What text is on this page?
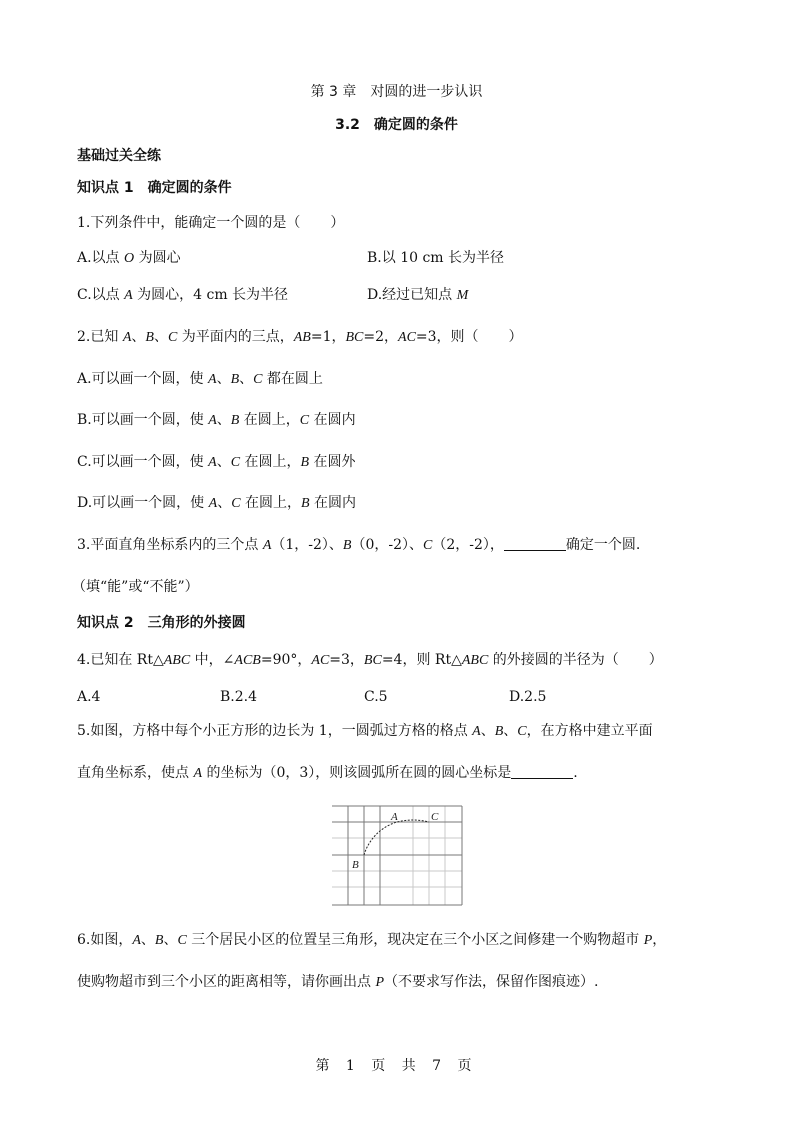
第 3 章　对圆的进一步认识
3.2　确定圆的条件
基础过关全练
知识点 1　确定圆的条件
1.下列条件中，能确定一个圆的是（ ）
A.以点 O 为圆心	B.以 10 cm 长为半径
C.以点 A 为圆心，4 cm 长为半径	D.经过已知点 M
2.已知 A、B、C 为平面内的三点，AB=1，BC=2，AC=3，则（ ）
A.可以画一个圆，使 A、B、C 都在圆上
B.可以画一个圆，使 A、B 在圆上，C 在圆内
C.可以画一个圆，使 A、C 在圆上，B 在圆外
D.可以画一个圆，使 A、C 在圆上，B 在圆内
3.平面直角坐标系内的三个点 A（1，-2）、B（0，-2）、C（2，-2），	确定一个圆.
（填“能”或“不能”）
知识点 2　三角形的外接圆
4.已知在 Rt△ABC 中，∠ACB=90°，AC=3，BC=4，则 Rt△ABC 的外接圆的半径为（ ）
A.4	B.2.4	C.5	D.2.5
5.如图，方格中每个小正方形的边长为 1，一圆弧过方格的格点 A、B、C，在方格中建立平面
直角坐标系，使点 A 的坐标为（0，3），则该圆弧所在圆的圆心坐标是	.
A	C
B
6.如图，A、B、C 三个居民小区的位置呈三角形，现决定在三个小区之间修建一个购物超市 P，
使购物超市到三个小区的距离相等，请你画出点 P（不要求写作法，保留作图痕迹）.
第 1 页 共 7 页
